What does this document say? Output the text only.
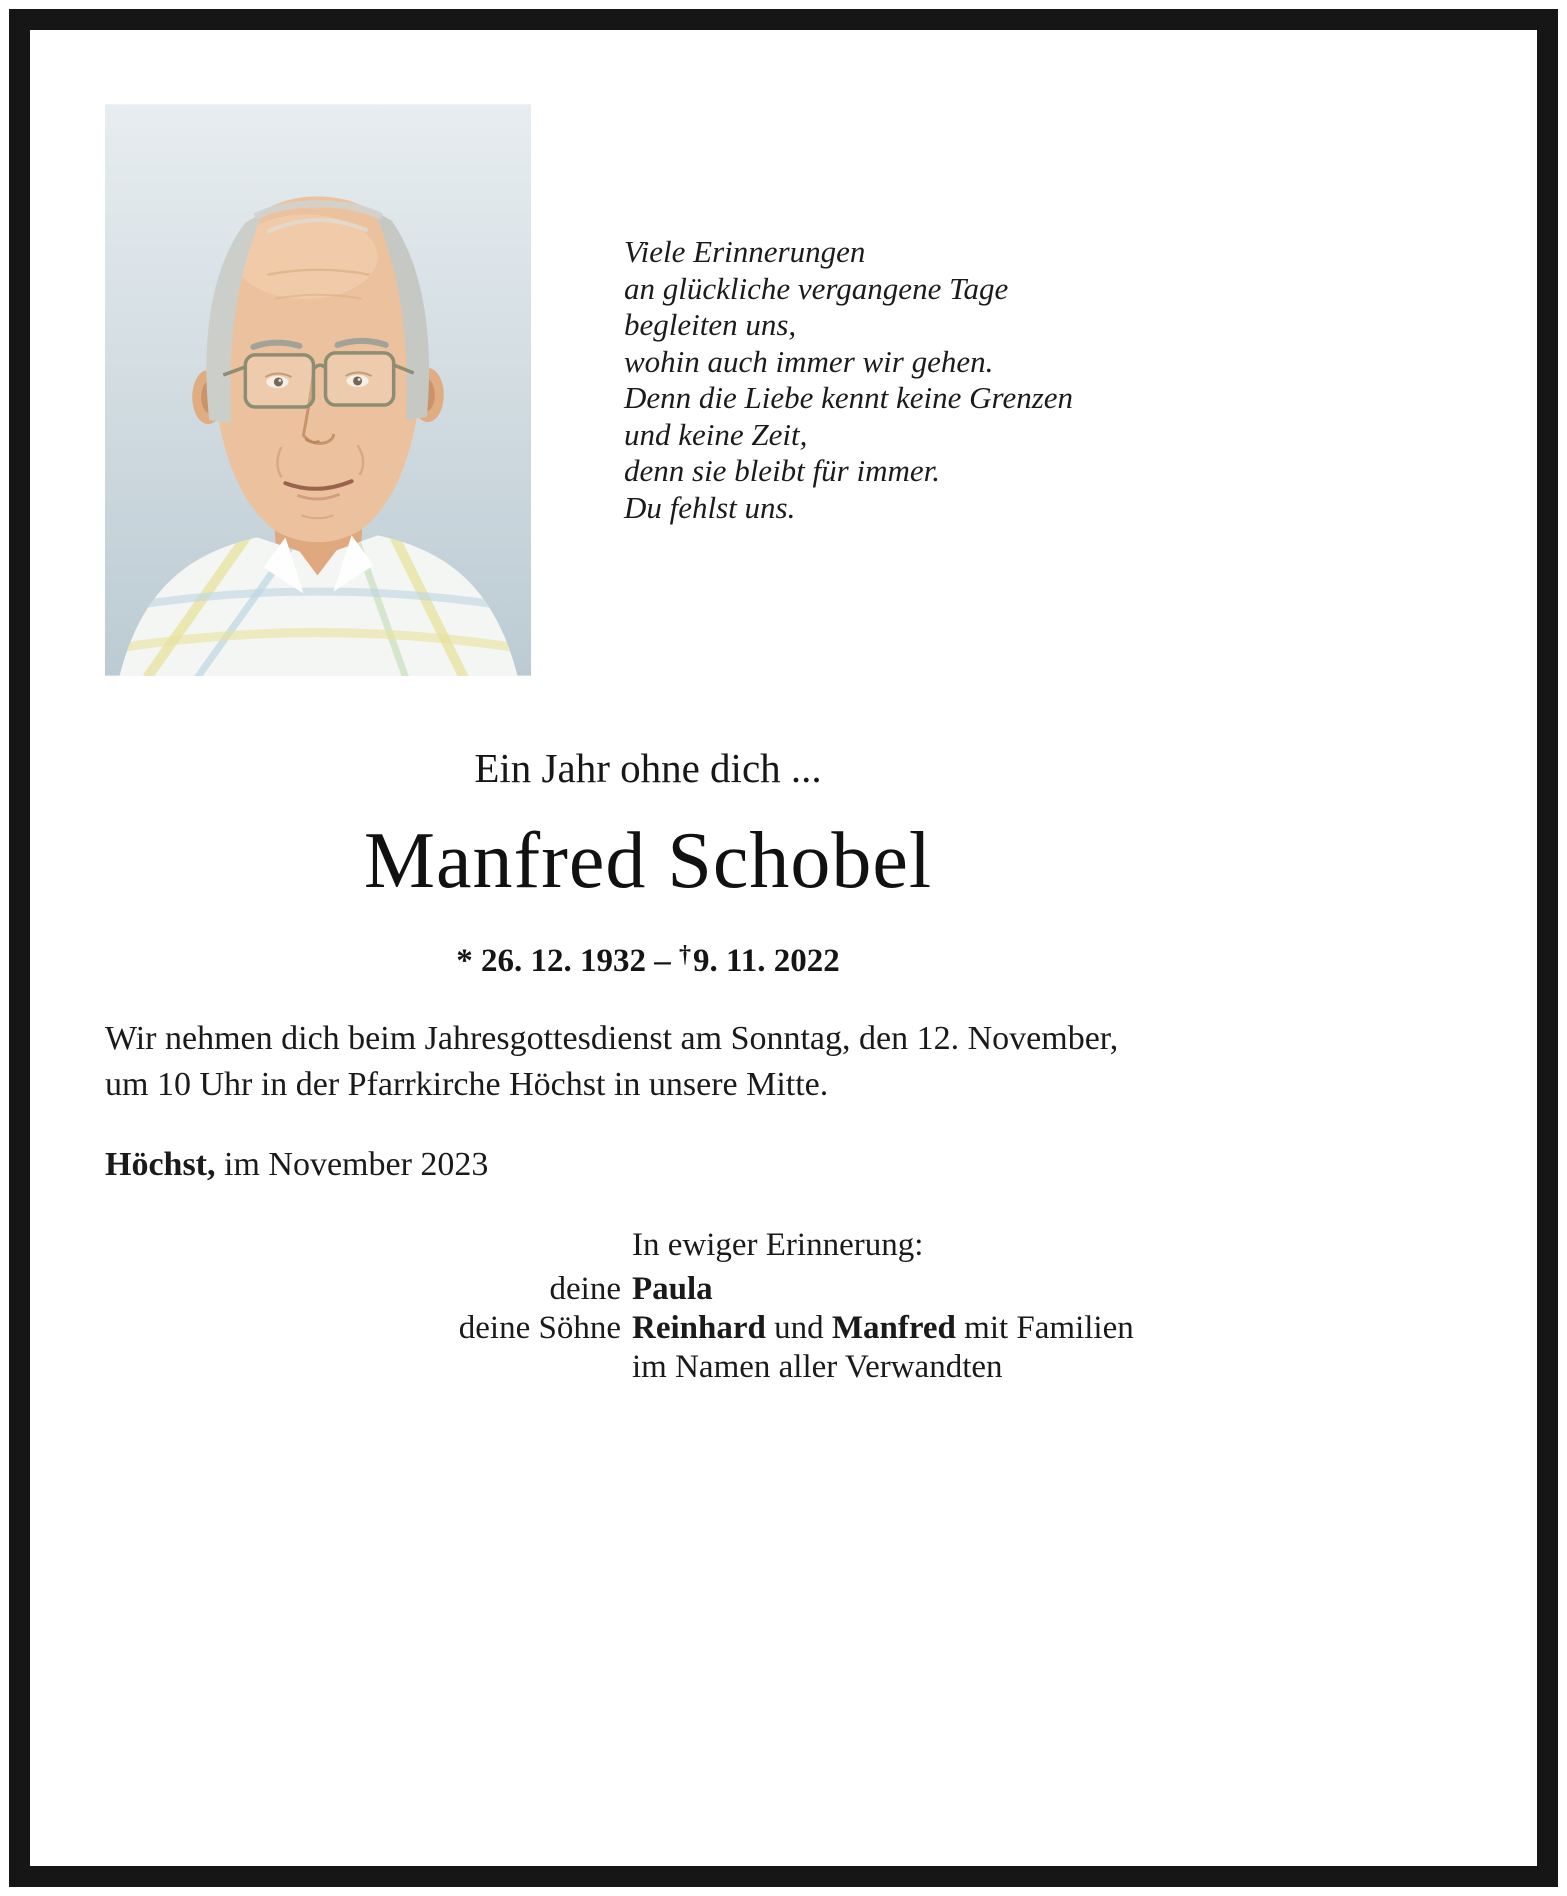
Viele Erinnerungen
an glückliche vergangene Tage
begleiten uns,
wohin auch immer wir gehen.
Denn die Liebe kennt keine Grenzen
und keine Zeit,
denn sie bleibt für immer.
Du fehlst uns.
Ein Jahr ohne dich ...
Manfred Schobel
* 26. 12. 1932 – †9. 11. 2022
Wir nehmen dich beim Jahresgottesdienst am Sonntag, den 12. November,
um 10 Uhr in der Pfarrkirche Höchst in unsere Mitte.
Höchst, im November 2023
In ewiger Erinnerung:
deine Paula
deine Söhne Reinhard und Manfred mit Familien
im Namen aller Verwandten
